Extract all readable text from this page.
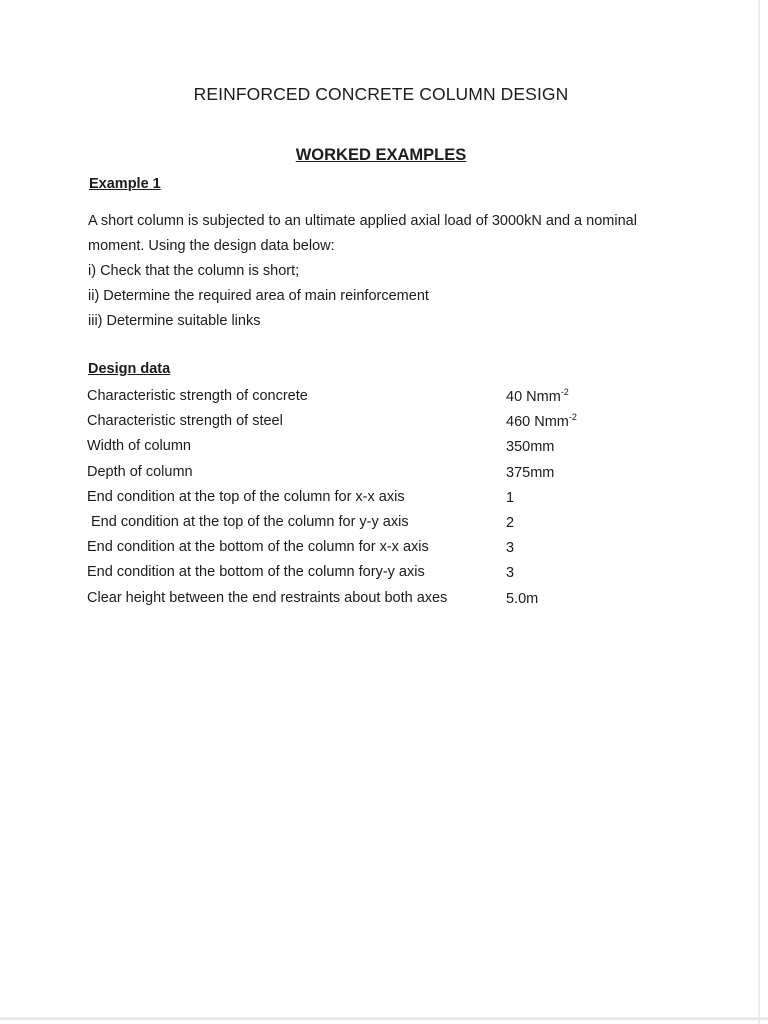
REINFORCED CONCRETE COLUMN DESIGN
WORKED EXAMPLES
Example 1

A short column is subjected to an ultimate applied axial load of 3000kN and a nominal moment. Using the design data below:

i) Check that the column is short;

ii) Determine the required area of main reinforcement

iii) Determine suitable links

Design data
Characteristic strength of concrete	40 Nmm$^{-2}$
Characteristic strength of steel	460 Nmm$^{-2}$
Width of column	350mm
Depth of column	375mm
End condition at the top of the column for x-x axis	1
End condition at the top of the column for y-y axis	2
End condition at the bottom of the column for x-x axis	3
End condition at the bottom of the column fory-y axis	3
Clear height between the end restraints about both axes	5.0m
